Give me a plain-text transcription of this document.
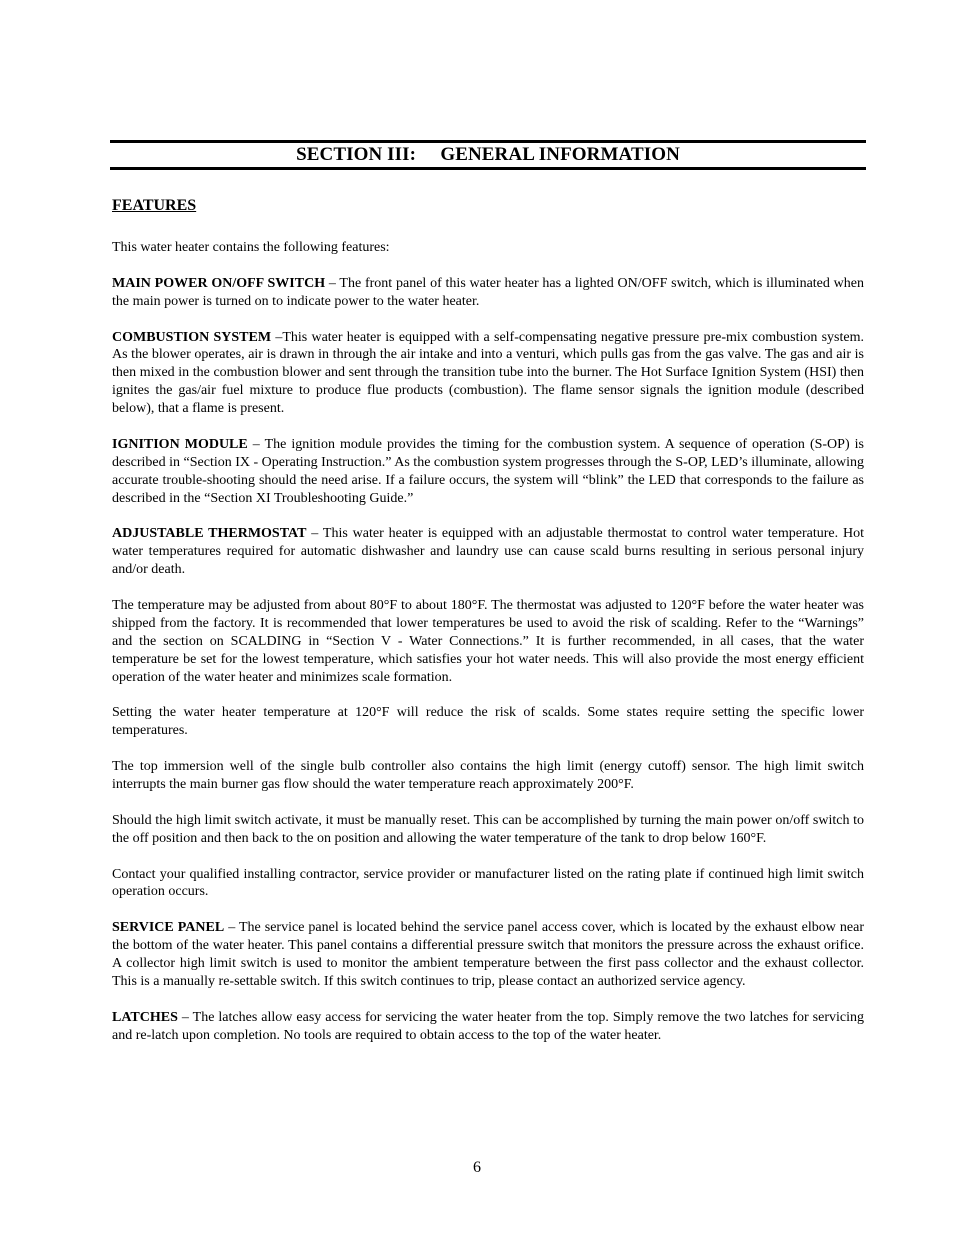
SECTION III:     GENERAL INFORMATION
FEATURES

This water heater contains the following features:

MAIN POWER ON/OFF SWITCH – The front panel of this water heater has a lighted ON/OFF switch, which is illuminated when the main power is turned on to indicate power to the water heater.

COMBUSTION SYSTEM –This water heater is equipped with a self-compensating negative pressure pre-mix combustion system. As the blower operates, air is drawn in through the air intake and into a venturi, which pulls gas from the gas valve. The gas and air is then mixed in the combustion blower and sent through the transition tube into the burner. The Hot Surface Ignition System (HSI) then ignites the gas/air fuel mixture to produce flue products (combustion). The flame sensor signals the ignition module (described below), that a flame is present.

IGNITION MODULE – The ignition module provides the timing for the combustion system. A sequence of operation (S-OP) is described in “Section IX - Operating Instruction.” As the combustion system progresses through the S-OP, LED’s illuminate, allowing accurate trouble-shooting should the need arise. If a failure occurs, the system will “blink” the LED that corresponds to the failure as described in the “Section XI Troubleshooting Guide.”

ADJUSTABLE THERMOSTAT – This water heater is equipped with an adjustable thermostat to control water temperature. Hot water temperatures required for automatic dishwasher and laundry use can cause scald burns resulting in serious personal injury and/or death.

The temperature may be adjusted from about 80°F to about 180°F. The thermostat was adjusted to 120°F before the water heater was shipped from the factory. It is recommended that lower temperatures be used to avoid the risk of scalding. Refer to the “Warnings” and the section on SCALDING in “Section V - Water Connections.” It is further recommended, in all cases, that the water temperature be set for the lowest temperature, which satisfies your hot water needs. This will also provide the most energy efficient operation of the water heater and minimizes scale formation.

Setting the water heater temperature at 120°F will reduce the risk of scalds. Some states require setting the specific lower temperatures.

The top immersion well of the single bulb controller also contains the high limit (energy cutoff) sensor. The high limit switch interrupts the main burner gas flow should the water temperature reach approximately 200°F.

Should the high limit switch activate, it must be manually reset. This can be accomplished by turning the main power on/off switch to the off position and then back to the on position and allowing the water temperature of the tank to drop below 160°F.

Contact your qualified installing contractor, service provider or manufacturer listed on the rating plate if continued high limit switch operation occurs.

SERVICE PANEL – The service panel is located behind the service panel access cover, which is located by the exhaust elbow near the bottom of the water heater. This panel contains a differential pressure switch that monitors the pressure across the exhaust orifice. A collector high limit switch is used to monitor the ambient temperature between the first pass collector and the exhaust collector. This is a manually re-settable switch. If this switch continues to trip, please contact an authorized service agency.

LATCHES – The latches allow easy access for servicing the water heater from the top. Simply remove the two latches for servicing and re-latch upon completion. No tools are required to obtain access to the top of the water heater.

6
